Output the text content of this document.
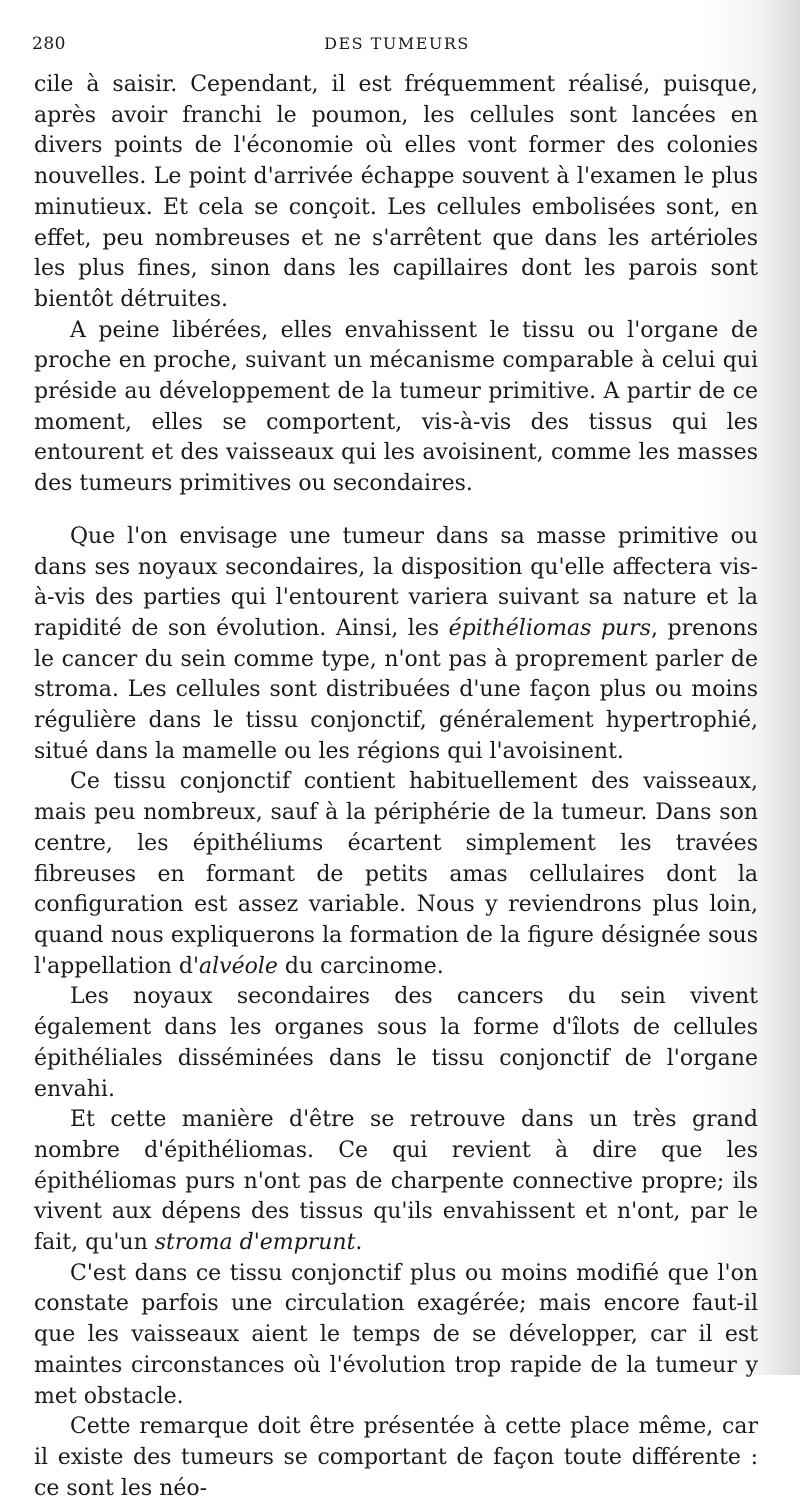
280	DES TUMEURS

cile à saisir. Cependant, il est fréquemment réalisé, puisque, après avoir franchi le poumon, les cellules sont lancées en divers points de l'économie où elles vont former des colonies nouvelles. Le point d'arrivée échappe souvent à l'examen le plus minutieux. Et cela se conçoit. Les cellules embolisées sont, en effet, peu nombreuses et ne s'arrêtent que dans les artérioles les plus fines, sinon dans les capillaires dont les parois sont bientôt détruites.

A peine libérées, elles envahissent le tissu ou l'organe de proche en proche, suivant un mécanisme comparable à celui qui préside au développement de la tumeur primitive. A partir de ce moment, elles se comportent, vis-à-vis des tissus qui les entourent et des vaisseaux qui les avoisinent, comme les masses des tumeurs primitives ou secondaires.

Que l'on envisage une tumeur dans sa masse primitive ou dans ses noyaux secondaires, la disposition qu'elle affectera vis-à-vis des parties qui l'entourent variera suivant sa nature et la rapidité de son évolution. Ainsi, les épithéliomas purs, prenons le cancer du sein comme type, n'ont pas à proprement parler de stroma. Les cellules sont distribuées d'une façon plus ou moins régulière dans le tissu conjonctif, généralement hypertrophié, situé dans la mamelle ou les régions qui l'avoisinent.

Ce tissu conjonctif contient habituellement des vaisseaux, mais peu nombreux, sauf à la périphérie de la tumeur. Dans son centre, les épithéliums écartent simplement les travées fibreuses en formant de petits amas cellulaires dont la configuration est assez variable. Nous y reviendrons plus loin, quand nous expliquerons la formation de la figure désignée sous l'appellation d'alvéole du carcinome.

Les noyaux secondaires des cancers du sein vivent également dans les organes sous la forme d'îlots de cellules épithéliales disséminées dans le tissu conjonctif de l'organe envahi.

Et cette manière d'être se retrouve dans un très grand nombre d'épithéliomas. Ce qui revient à dire que les épithéliomas purs n'ont pas de charpente connective propre; ils vivent aux dépens des tissus qu'ils envahissent et n'ont, par le fait, qu'un stroma d'emprunt.

C'est dans ce tissu conjonctif plus ou moins modifié que l'on constate parfois une circulation exagérée; mais encore faut-il que les vaisseaux aient le temps de se développer, car il est maintes circonstances où l'évolution trop rapide de la tumeur y met obstacle.

Cette remarque doit être présentée à cette place même, car il existe des tumeurs se comportant de façon toute différente : ce sont les néo-
